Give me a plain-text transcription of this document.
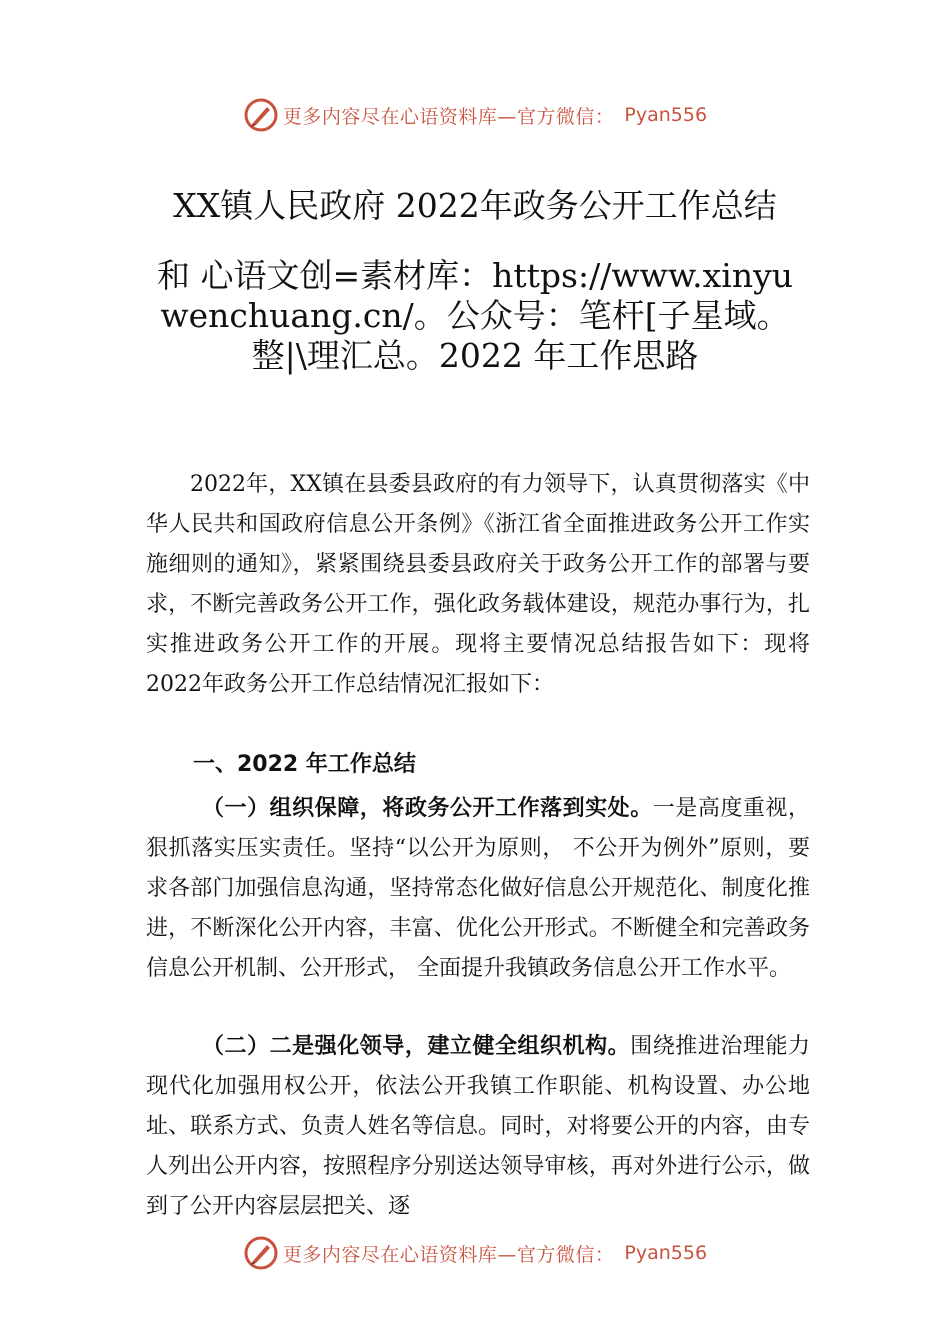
更多内容尽在心语资料库—官方微信： Pyan556
XX镇人民政府 2022年政务公开工作总结
和 心语文创=素材库：https://www.xinyuwenchuang.cn/。公众号：笔杆[子星域。整|\理汇总。2022 年工作思路

2022年，XX镇在县委县政府的有力领导下，认真贯彻落实《中华人民共和国政府信息公开条例》《浙江省全面推进政务公开工作实施细则的通知》，紧紧围绕县委县政府关于政务公开工作的部署与要求，不断完善政务公开工作，强化政务载体建设，规范办事行为，扎实推进政务公开工作的开展。现将主要情况总结报告如下：现将 2022年政务公开工作总结情况汇报如下：

一、2022 年工作总结

（一）组织保障，将政务公开工作落到实处。一是高度重视，狠抓落实压实责任。坚持“以公开为原则， 不公开为例外”原则，要求各部门加强信息沟通，坚持常态化做好信息公开规范化、制度化推进，不断深化公开内容，丰富、优化公开形式。不断健全和完善政务信息公开机制、公开形式， 全面提升我镇政务信息公开工作水平。

（二）二是强化领导，建立健全组织机构。围绕推进治理能力现代化加强用权公开，依法公开我镇工作职能、机构设置、办公地址、联系方式、负责人姓名等信息。同时，对将要公开的内容，由专人列出公开内容，按照程序分别送达领导审核，再对外进行公示，做到了公开内容层层把关、逐

更多内容尽在心语资料库—官方微信： Pyan556
